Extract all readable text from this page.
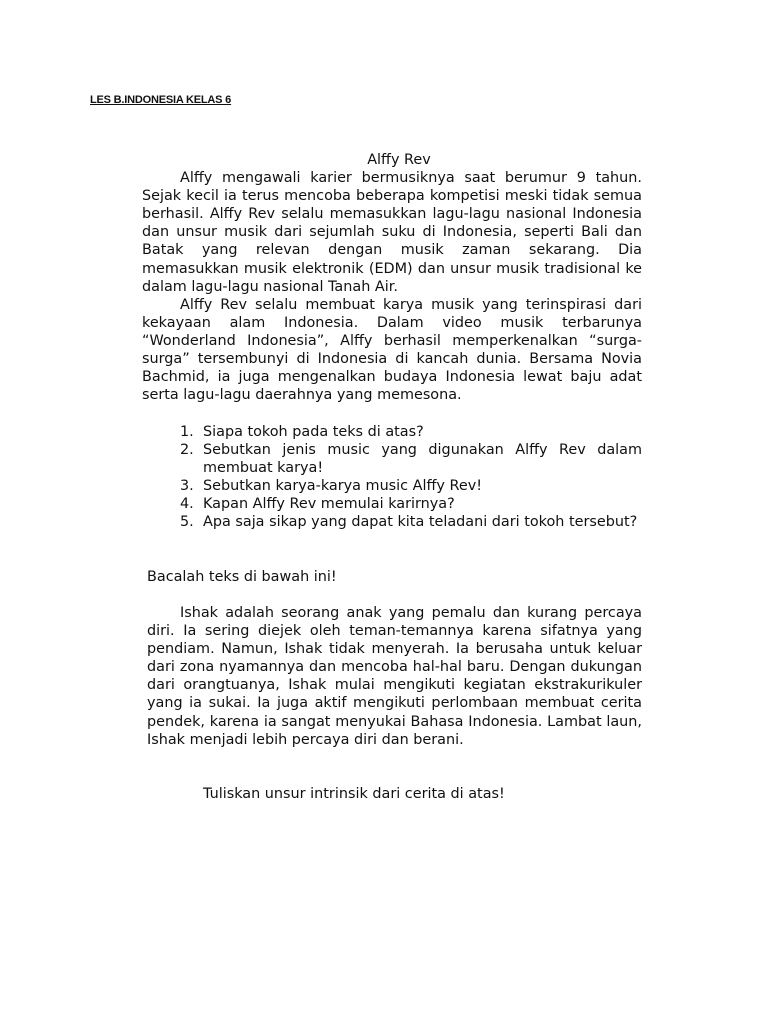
LES B.INDONESIA KELAS 6

Alffy Rev

Alffy mengawali karier bermusiknya saat berumur 9 tahun. Sejak kecil ia terus mencoba beberapa kompetisi meski tidak semua berhasil. Alffy Rev selalu memasukkan lagu-lagu nasional Indonesia dan unsur musik dari sejumlah suku di Indonesia, seperti Bali dan Batak yang relevan dengan musik zaman sekarang. Dia memasukkan musik elektronik (EDM) dan unsur musik tradisional ke dalam lagu-lagu nasional Tanah Air.

Alffy Rev selalu membuat karya musik yang terinspirasi dari kekayaan alam Indonesia. Dalam video musik terbarunya “Wonderland Indonesia”, Alffy berhasil memperkenalkan “surga-surga” tersembunyi di Indonesia di kancah dunia. Bersama Novia Bachmid, ia juga mengenalkan budaya Indonesia lewat baju adat serta lagu-lagu daerahnya yang memesona.

1. Siapa tokoh pada teks di atas?
2. Sebutkan jenis music yang digunakan Alffy Rev dalam membuat karya!
3. Sebutkan karya-karya music Alffy Rev!
4. Kapan Alffy Rev memulai karirnya?
5. Apa saja sikap yang dapat kita teladani dari tokoh tersebut?
Bacalah teks di bawah ini!

Ishak adalah seorang anak yang pemalu dan kurang percaya diri. Ia sering diejek oleh teman-temannya karena sifatnya yang pendiam. Namun, Ishak tidak menyerah. Ia berusaha untuk keluar dari zona nyamannya dan mencoba hal-hal baru. Dengan dukungan dari orangtuanya, Ishak mulai mengikuti kegiatan ekstrakurikuler yang ia sukai. Ia juga aktif mengikuti perlombaan membuat cerita pendek, karena ia sangat menyukai Bahasa Indonesia. Lambat laun, Ishak menjadi lebih percaya diri dan berani.

Tuliskan unsur intrinsik dari cerita di atas!
